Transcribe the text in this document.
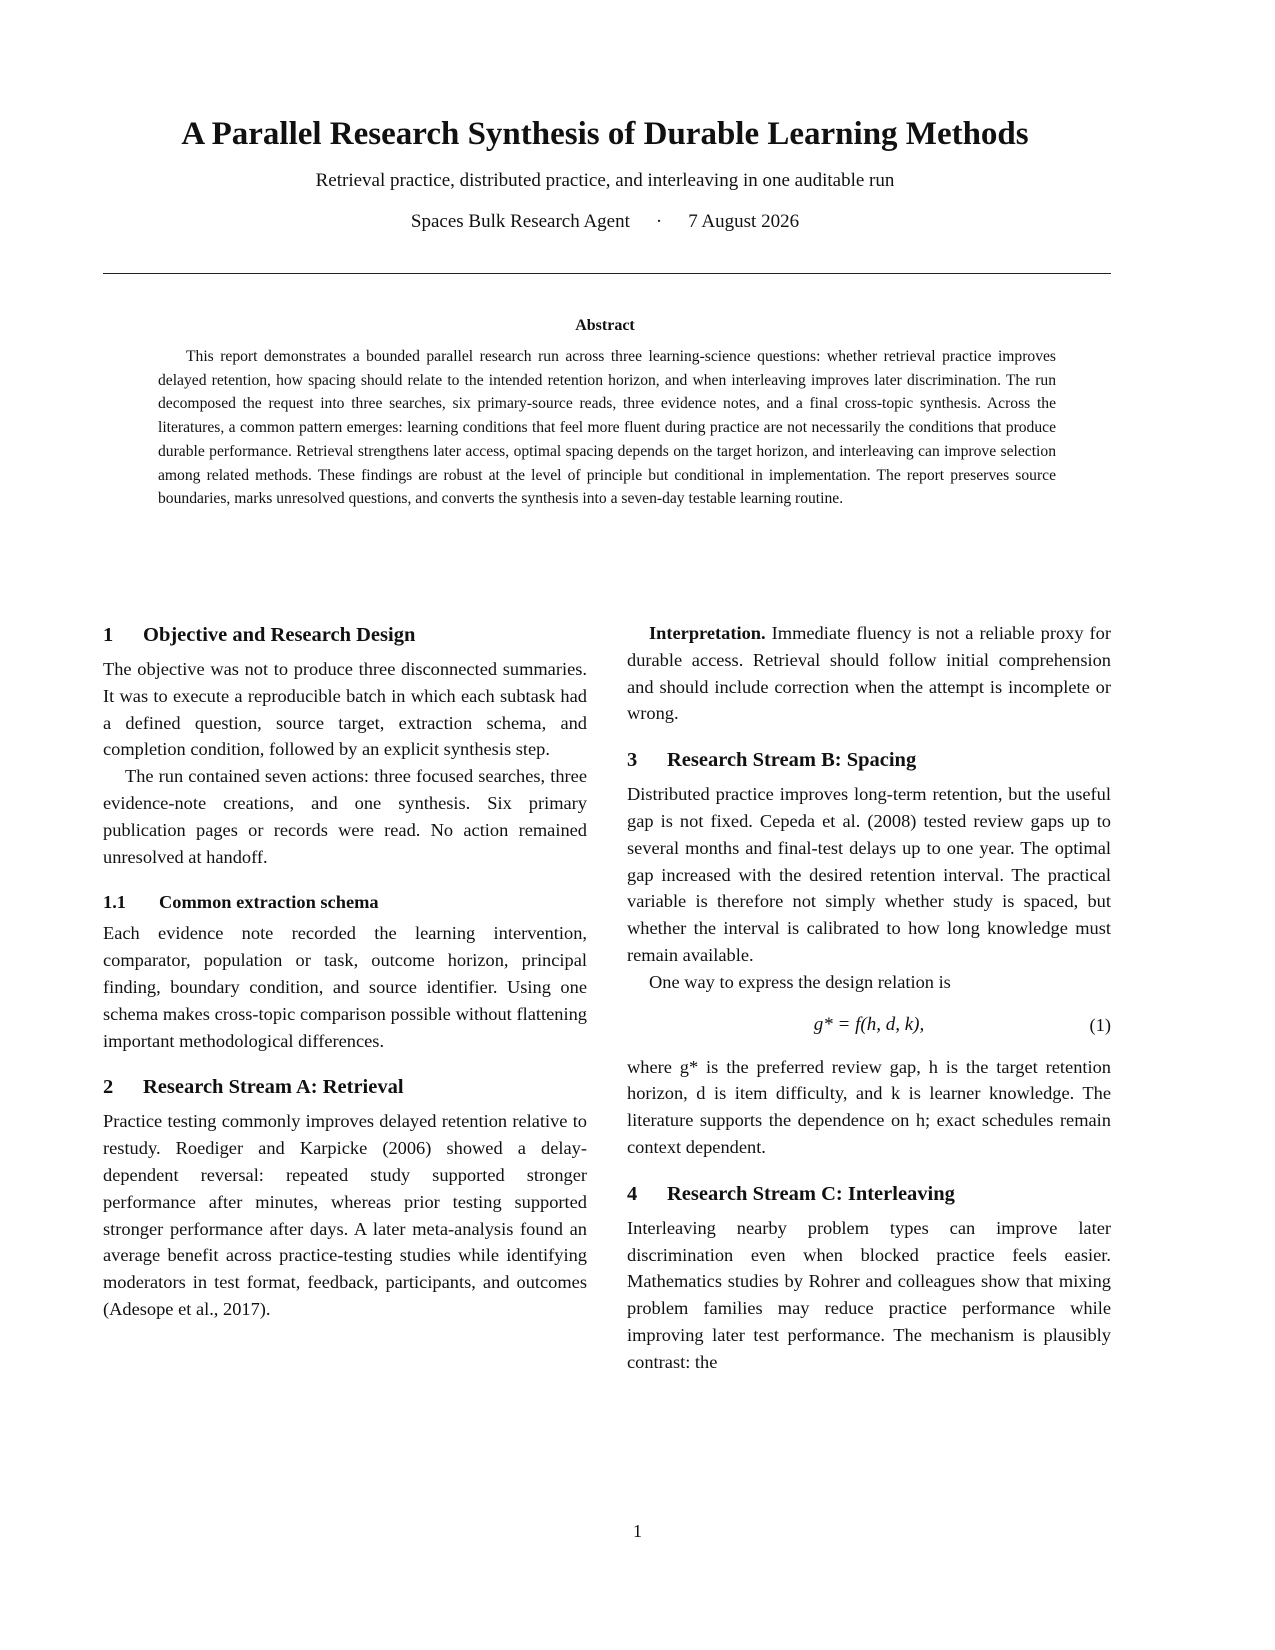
A Parallel Research Synthesis of Durable Learning Methods
Retrieval practice, distributed practice, and interleaving in one auditable run
Spaces Bulk Research Agent · 7 August 2026
Abstract

This report demonstrates a bounded parallel research run across three learning-science questions: whether retrieval practice improves delayed retention, how spacing should relate to the intended retention horizon, and when interleaving improves later discrimination. The run decomposed the request into three searches, six primary-source reads, three evidence notes, and a final cross-topic synthesis. Across the literatures, a common pattern emerges: learning conditions that feel more fluent during practice are not necessarily the conditions that produce durable performance. Retrieval strengthens later access, optimal spacing depends on the target horizon, and interleaving can improve selection among related methods. These findings are robust at the level of principle but conditional in implementation. The report preserves source boundaries, marks unresolved questions, and converts the synthesis into a seven-day testable learning routine.

1 Objective and Research Design

The objective was not to produce three disconnected summaries. It was to execute a reproducible batch in which each subtask had a defined question, source target, extraction schema, and completion condition, followed by an explicit synthesis step.

The run contained seven actions: three focused searches, three evidence-note creations, and one synthesis. Six primary publication pages or records were read. No action remained unresolved at handoff.

1.1 Common extraction schema

Each evidence note recorded the learning intervention, comparator, population or task, outcome horizon, principal finding, boundary condition, and source identifier. Using one schema makes cross-topic comparison possible without flattening important methodological differences.

2 Research Stream A: Retrieval

Practice testing commonly improves delayed retention relative to restudy. Roediger and Karpicke (2006) showed a delay-dependent reversal: repeated study supported stronger performance after minutes, whereas prior testing supported stronger performance after days. A later meta-analysis found an average benefit across practice-testing studies while identifying moderators in test format, feedback, participants, and outcomes (Adesope et al., 2017).

Interpretation. Immediate fluency is not a reliable proxy for durable access. Retrieval should follow initial comprehension and should include correction when the attempt is incomplete or wrong.

3 Research Stream B: Spacing

Distributed practice improves long-term retention, but the useful gap is not fixed. Cepeda et al. (2008) tested review gaps up to several months and final-test delays up to one year. The optimal gap increased with the desired retention interval. The practical variable is therefore not simply whether study is spaced, but whether the interval is calibrated to how long knowledge must remain available.

One way to express the design relation is

g* = f(h, d, k),	(1)

where g* is the preferred review gap, h is the target retention horizon, d is item difficulty, and k is learner knowledge. The literature supports the dependence on h; exact schedules remain context dependent.

4 Research Stream C: Interleaving

Interleaving nearby problem types can improve later discrimination even when blocked practice feels easier. Mathematics studies by Rohrer and colleagues show that mixing problem families may reduce practice performance while improving later test performance. The mechanism is plausibly contrast: the

1
